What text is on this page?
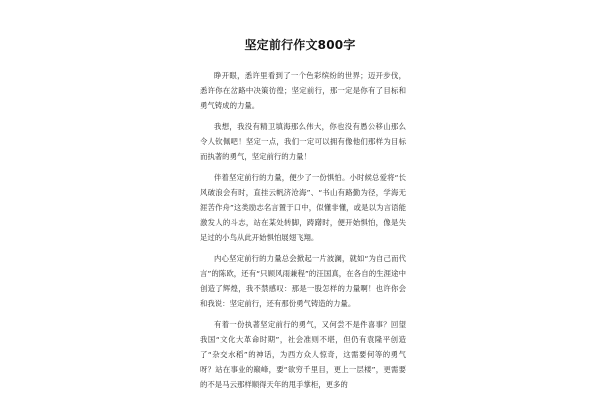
坚定前行作文800字

睁开眼，悉许里看到了一个色彩缤纷的世界；迈开步伐，悉许你在岔路中决策彷徨；坚定前行，那一定是你有了目标和勇气铸成的力量。

我想，我没有精卫填海那么伟大，你也没有愚公移山那么令人钦佩吧！坚定一点，我们一定可以拥有像他们那样为目标而执著的勇气，坚定前行的力量！

伴着坚定前行的力量，便少了一份惧怕。小时候总爱将“长风破浪会有时，直挂云帆济沧海”、“书山有路勤为径，学海无涯苦作舟”这类励志名言置于口中，似懂非懂，或是以为言语能激发人的斗志，站在某处转脚，踌躇时，便开始惧怕，像是失足过的小鸟从此开始惧怕展翅飞翔。

内心坚定前行的力量总会掀起一片波澜，就如“为自己而代言”的陈欧，还有“只顾风雨兼程”的汪国真，在各自的生涯途中创造了辉煌，我不禁感叹：那是一股怎样的力量啊！也许你会和我说：坚定前行，还有那份勇气铸造的力量。

有着一份执著坚定前行的勇气，又何尝不是件喜事？回望我国“文化大革命时期”，社会准则不堪，但仍有袁隆平创造了“杂交水稻”的神话，为西方众人惊奇，这需要何等的勇气呀？站在事业的巅峰，要“欲穷千里目，更上一层楼”，更需要的不是马云那样顺得天年的甩手掌柜，更多的
